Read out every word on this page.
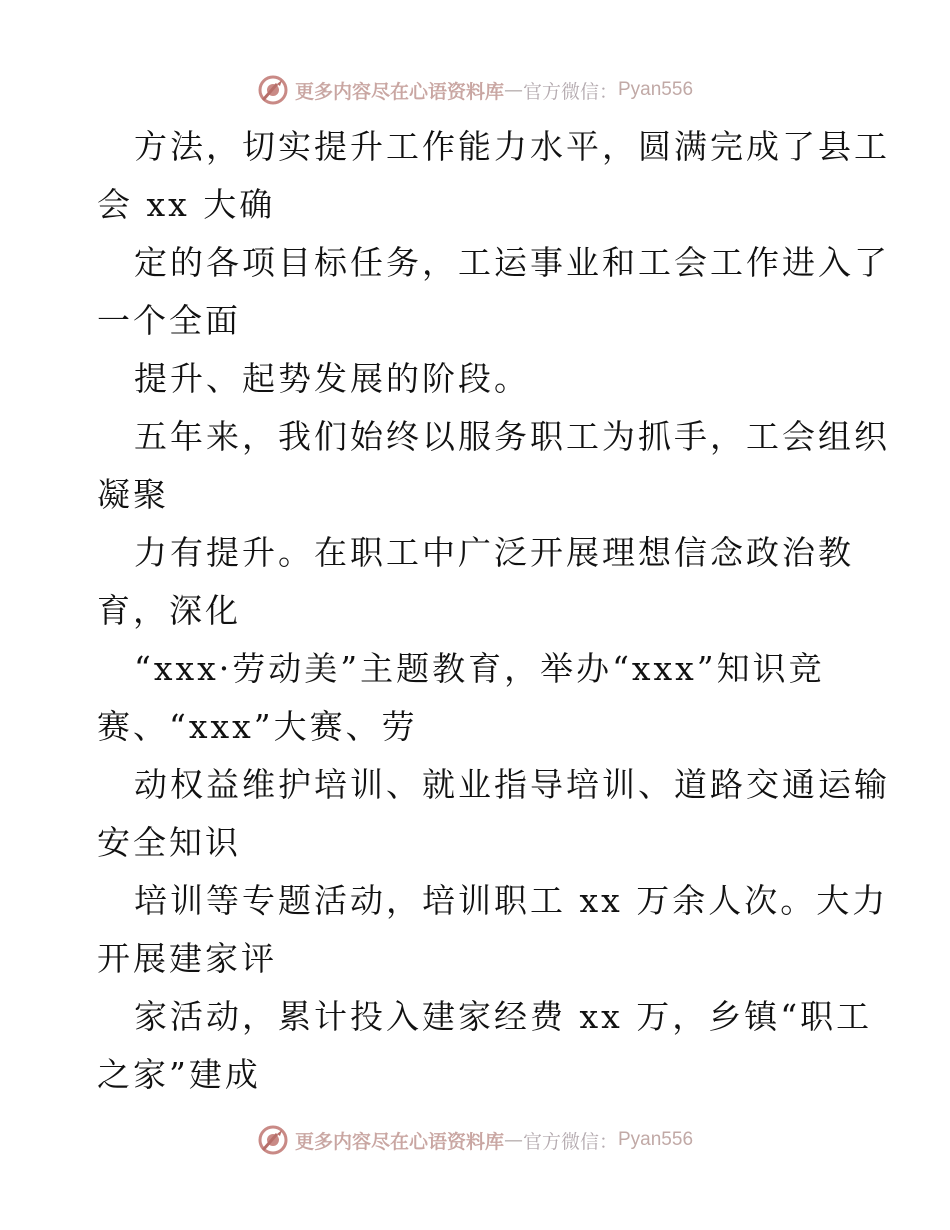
更多内容尽在心语资料库 — 官方微信： Pyan556
方法，切实提升工作能力水平，圆满完成了县工
会 xx 大确
定的各项目标任务，工运事业和工会工作进入了
一个全面
提升、起势发展的阶段。
五年来，我们始终以服务职工为抓手，工会组织
凝聚
力有提升。在职工中广泛开展理想信念政治教
育，深化
“xxx·劳动美”主题教育，举办“xxx”知识竞
赛、“xxx”大赛、劳
动权益维护培训、就业指导培训、道路交通运输
安全知识
培训等专题活动，培训职工 xx 万余人次。大力
开展建家评
家活动，累计投入建家经费 xx 万，乡镇“职工
之家”建成
更多内容尽在心语资料库 — 官方微信： Pyan556
